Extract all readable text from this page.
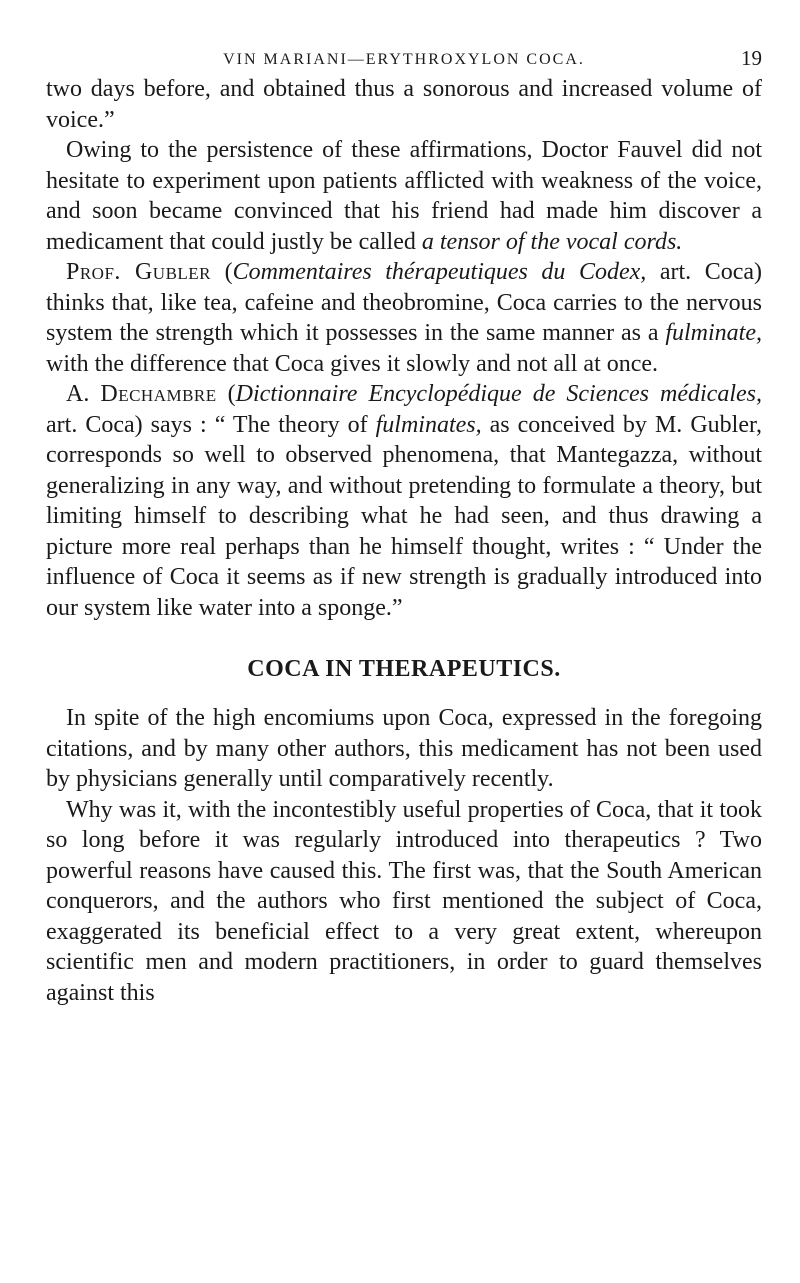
VIN MARIANI—ERYTHROXYLON COCA.	19

two days before, and obtained thus a sonorous and increased volume of voice.”

Owing to the persistence of these affirmations, Doctor Fauvel did not hesitate to experiment upon patients afflicted with weakness of the voice, and soon became convinced that his friend had made him discover a medicament that could justly be called a tensor of the vocal cords.

Prof. Gubler (Commentaires thérapeutiques du Codex, art. Coca) thinks that, like tea, cafeine and theobromine, Coca carries to the nervous system the strength which it possesses in the same manner as a fulminate, with the difference that Coca gives it slowly and not all at once.

A. Dechambre (Dictionnaire Encyclopédique de Sciences médicales, art. Coca) says : “ The theory of fulminates, as conceived by M. Gubler, corresponds so well to observed phenomena, that Mantegazza, without generalizing in any way, and without pretending to formulate a theory, but limiting himself to describing what he had seen, and thus drawing a picture more real perhaps than he himself thought, writes : “ Under the influence of Coca it seems as if new strength is gradually introduced into our system like water into a sponge.”

COCA IN THERAPEUTICS.

In spite of the high encomiums upon Coca, expressed in the foregoing citations, and by many other authors, this medicament has not been used by physicians generally until comparatively recently.

Why was it, with the incontestibly useful properties of Coca, that it took so long before it was regularly introduced into therapeutics ? Two powerful reasons have caused this. The first was, that the South American conquerors, and the authors who first mentioned the subject of Coca, exaggerated its beneficial effect to a very great extent, whereupon scientific men and modern practitioners, in order to guard themselves against this
